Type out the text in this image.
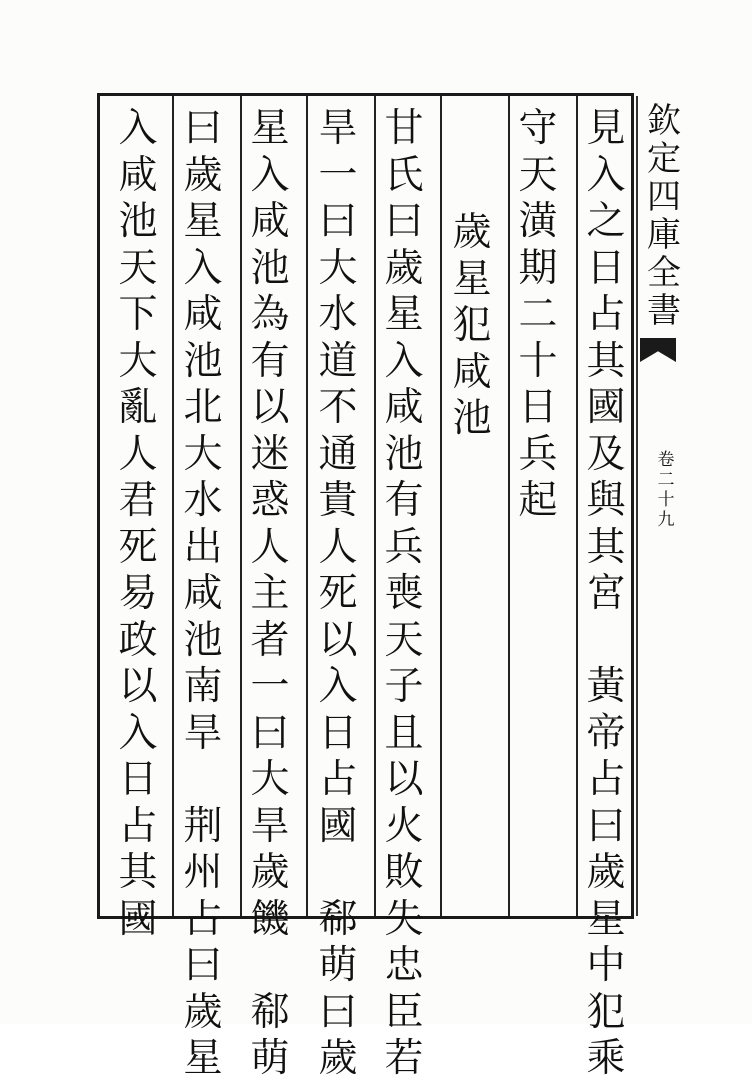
見
入
之
日
占
其
國
及
與
其
宮

黃
帝
占
曰
歲
星
中
犯
乘
守
天
潢
期
二
十
日
兵
起
歲
星
犯
咸
池
甘
氏
曰
歲
星
入
咸
池
有
兵
喪
天
子
且
以
火
敗
失
忠
臣
若
旱
一
曰
大
水
道
不
通
貴
人
死
以
入
日
占
國

郗
萌
曰
歲
星
入
咸
池
為
有
以
迷
惑
人
主
者
一
曰
大
旱
歲
饑

郗
萌
曰
歲
星
入
咸
池
北
大
水
出
咸
池
南
旱

荆
州
占
曰
歲
星
入
咸
池
天
下
大
亂
人
君
死
易
政
以
入
日
占
其
國
欽
定
四
庫
全
書
卷
二
十
九
